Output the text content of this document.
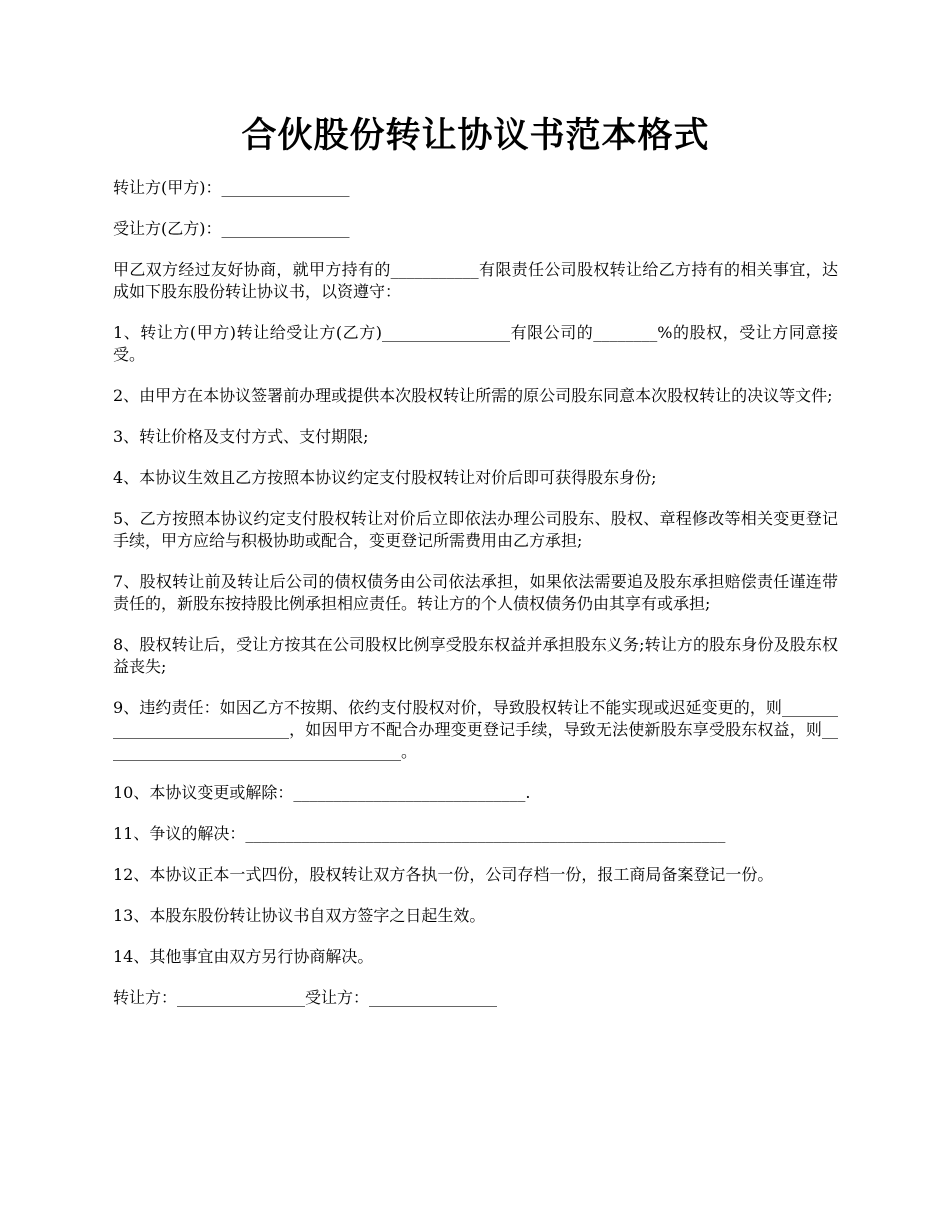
合伙股份转让协议书范本格式

转让方(甲方)：________________

受让方(乙方)：________________

甲乙双方经过友好协商，就甲方持有的___________有限责任公司股权转让给乙方持有的相关事宜，达成如下股东股份转让协议书，以资遵守：

1、转让方(甲方)转让给受让方(乙方)________________有限公司的________%的股权，受让方同意接受。

2、由甲方在本协议签署前办理或提供本次股权转让所需的原公司股东同意本次股权转让的决议等文件;

3、转让价格及支付方式、支付期限;

4、本协议生效且乙方按照本协议约定支付股权转让对价后即可获得股东身份;

5、乙方按照本协议约定支付股权转让对价后立即依法办理公司股东、股权、章程修改等相关变更登记手续，甲方应给与积极协助或配合，变更登记所需费用由乙方承担;

7、股权转让前及转让后公司的债权债务由公司依法承担，如果依法需要追及股东承担赔偿责任谨连带责任的，新股东按持股比例承担相应责任。转让方的个人债权债务仍由其享有或承担;

8、股权转让后，受让方按其在公司股权比例享受股东权益并承担股东义务;转让方的股东身份及股东权益丧失;

9、违约责任：如因乙方不按期、依约支付股权对价，导致股权转让不能实现或迟延变更的，则_____________________________，如因甲方不配合办理变更登记手续，导致无法使新股东享受股东权益，则______________________________________。

10、本协议变更或解除：_____________________________.

11、争议的解决：____________________________________________________________

12、本协议正本一式四份，股权转让双方各执一份，公司存档一份，报工商局备案登记一份。

13、本股东股份转让协议书自双方签字之日起生效。

14、其他事宜由双方另行协商解决。

转让方：________________受让方：________________
